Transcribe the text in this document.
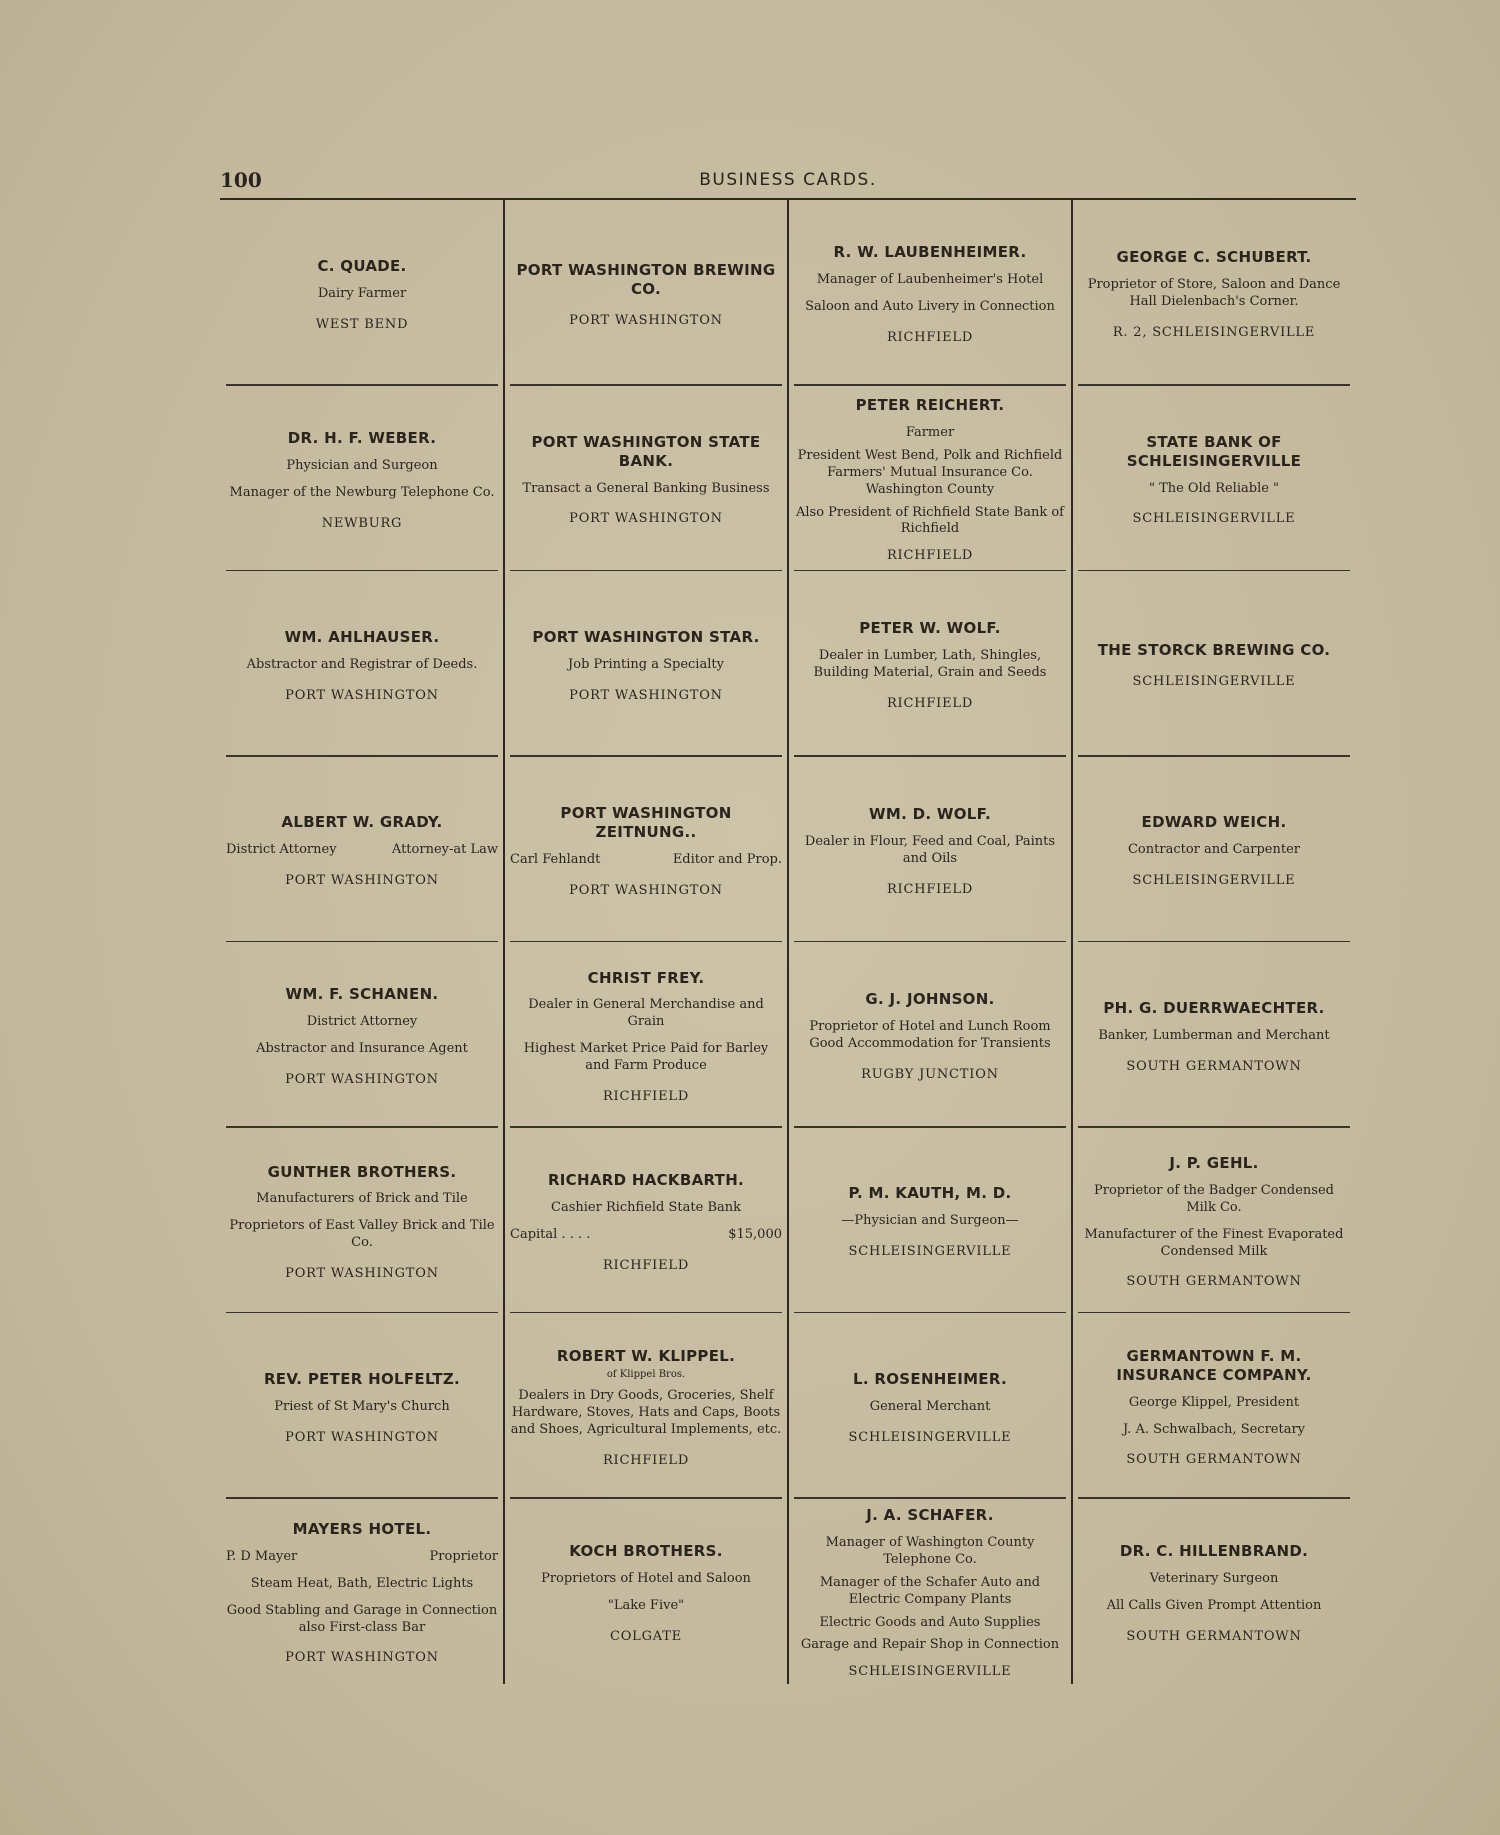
100	BUSINESS CARDS.
C. QUADE.
Dairy Farmer
WEST BEND
DR. H. F. WEBER.
Physician and Surgeon
Manager of the Newburg Telephone Co.
NEWBURG
WM. AHLHAUSER.
Abstractor and Registrar of Deeds.
PORT WASHINGTON
ALBERT W. GRADY.
District Attorney	Attorney-at Law
PORT WASHINGTON
WM. F. SCHANEN.
District Attorney
Abstractor and Insurance Agent
PORT WASHINGTON
GUNTHER BROTHERS.
Manufacturers of Brick and Tile
Proprietors of East Valley Brick and Tile Co.
PORT WASHINGTON
REV. PETER HOLFELTZ.
Priest of St Mary's Church
PORT WASHINGTON
MAYERS HOTEL.
P. D Mayer	Proprietor
Steam Heat, Bath, Electric Lights
Good Stabling and Garage in Connection also First-class Bar
PORT WASHINGTON
PORT WASHINGTON BREWING CO.
PORT WASHINGTON
PORT WASHINGTON STATE BANK.
Transact a General Banking Business
PORT WASHINGTON
PORT WASHINGTON STAR.
Job Printing a Specialty
PORT WASHINGTON
PORT WASHINGTON ZEITNUNG..
Carl Fehlandt	Editor and Prop.
PORT WASHINGTON
CHRIST FREY.
Dealer in General Merchandise and Grain
Highest Market Price Paid for Barley and Farm Produce
RICHFIELD
RICHARD HACKBARTH.
Cashier Richfield State Bank
Capital . . . .	$15,000
RICHFIELD
ROBERT W. KLIPPEL.
of Klippel Bros.
Dealers in Dry Goods, Groceries, Shelf Hardware, Stoves, Hats and Caps, Boots and Shoes, Agricultural Implements, etc.
RICHFIELD
KOCH BROTHERS.
Proprietors of Hotel and Saloon
"Lake Five"
COLGATE
R. W. LAUBENHEIMER.
Manager of Laubenheimer's Hotel
Saloon and Auto Livery in Connection
RICHFIELD
PETER REICHERT.
Farmer
President West Bend, Polk and Richfield Farmers' Mutual Insurance Co. Washington County
Also President of Richfield State Bank of Richfield
RICHFIELD
PETER W. WOLF.
Dealer in Lumber, Lath, Shingles, Building Material, Grain and Seeds
RICHFIELD
WM. D. WOLF.
Dealer in Flour, Feed and Coal, Paints and Oils
RICHFIELD
G. J. JOHNSON.
Proprietor of Hotel and Lunch Room Good Accommodation for Transients
RUGBY JUNCTION
P. M. KAUTH, M. D.
—Physician and Surgeon—
SCHLEISINGERVILLE
L. ROSENHEIMER.
General Merchant
SCHLEISINGERVILLE
J. A. SCHAFER.
Manager of Washington County Telephone Co.
Manager of the Schafer Auto and Electric Company Plants
Electric Goods and Auto Supplies
Garage and Repair Shop in Connection
SCHLEISINGERVILLE
GEORGE C. SCHUBERT.
Proprietor of Store, Saloon and Dance Hall Dielenbach's Corner.
R. 2, SCHLEISINGERVILLE
STATE BANK OF SCHLEISINGERVILLE
" The Old Reliable "
SCHLEISINGERVILLE
THE STORCK BREWING CO.
SCHLEISINGERVILLE
EDWARD WEICH.
Contractor and Carpenter
SCHLEISINGERVILLE
PH. G. DUERRWAECHTER.
Banker, Lumberman and Merchant
SOUTH GERMANTOWN
J. P. GEHL.
Proprietor of the Badger Condensed Milk Co.
Manufacturer of the Finest Evaporated Condensed Milk
SOUTH GERMANTOWN
GERMANTOWN F. M. INSURANCE COMPANY.
George Klippel, President
J. A. Schwalbach, Secretary
SOUTH GERMANTOWN
DR. C. HILLENBRAND.
Veterinary Surgeon
All Calls Given Prompt Attention
SOUTH GERMANTOWN
